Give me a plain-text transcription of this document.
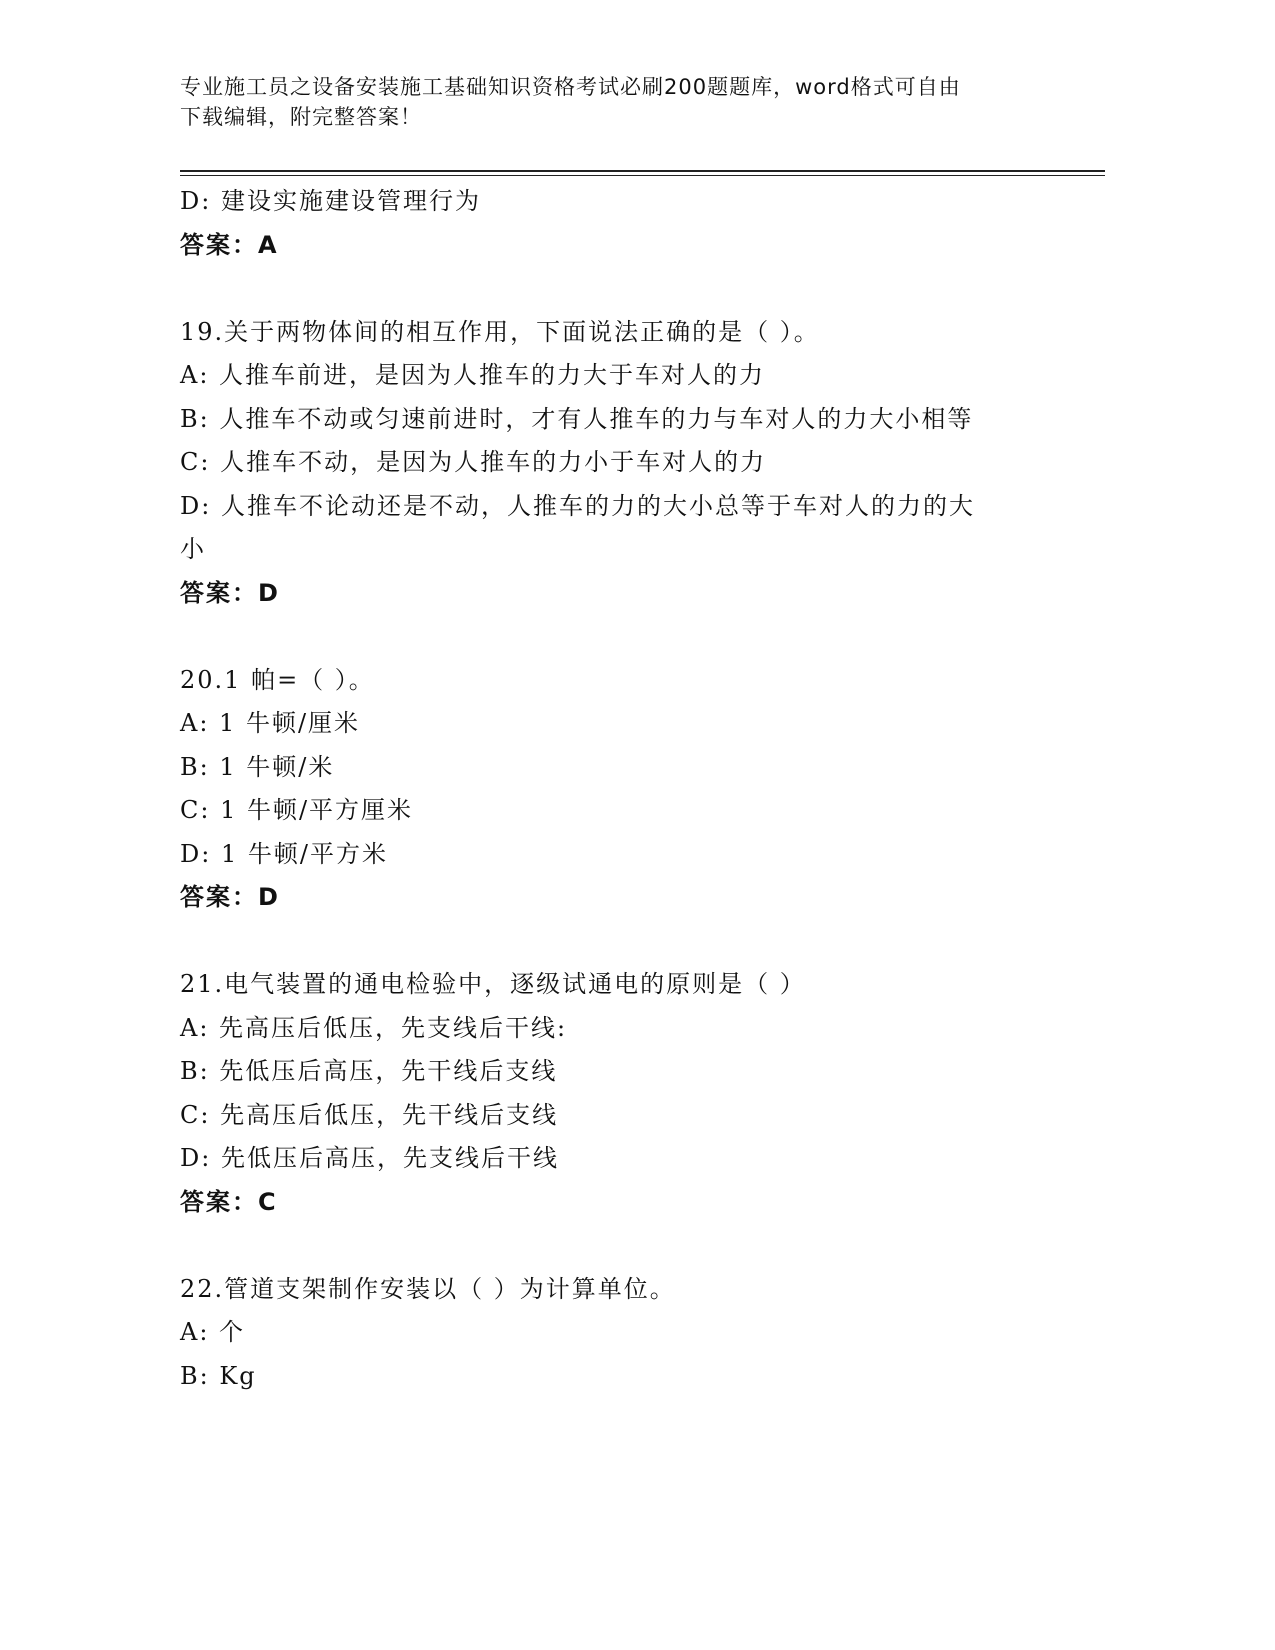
专业施工员之设备安装施工基础知识资格考试必刷200题题库，word格式可自由
下载编辑，附完整答案！
D: 建设实施建设管理行为
答案：A
19.关于两物体间的相互作用，下面说法正确的是（ ）。
A: 人推车前进，是因为人推车的力大于车对人的力
B: 人推车不动或匀速前进时，才有人推车的力与车对人的力大小相等
C: 人推车不动，是因为人推车的力小于车对人的力
D: 人推车不论动还是不动，人推车的力的大小总等于车对人的力的大
小
答案：D
20.1 帕=（ ）。
A: 1 牛顿/厘米
B: 1 牛顿/米
C: 1 牛顿/平方厘米
D: 1 牛顿/平方米
答案：D
21.电气装置的通电检验中，逐级试通电的原则是（ ）
A: 先高压后低压，先支线后干线:
B: 先低压后高压，先干线后支线
C: 先高压后低压，先干线后支线
D: 先低压后高压，先支线后干线
答案：C
22.管道支架制作安装以（ ）为计算单位。
A: 个
B: Kg
